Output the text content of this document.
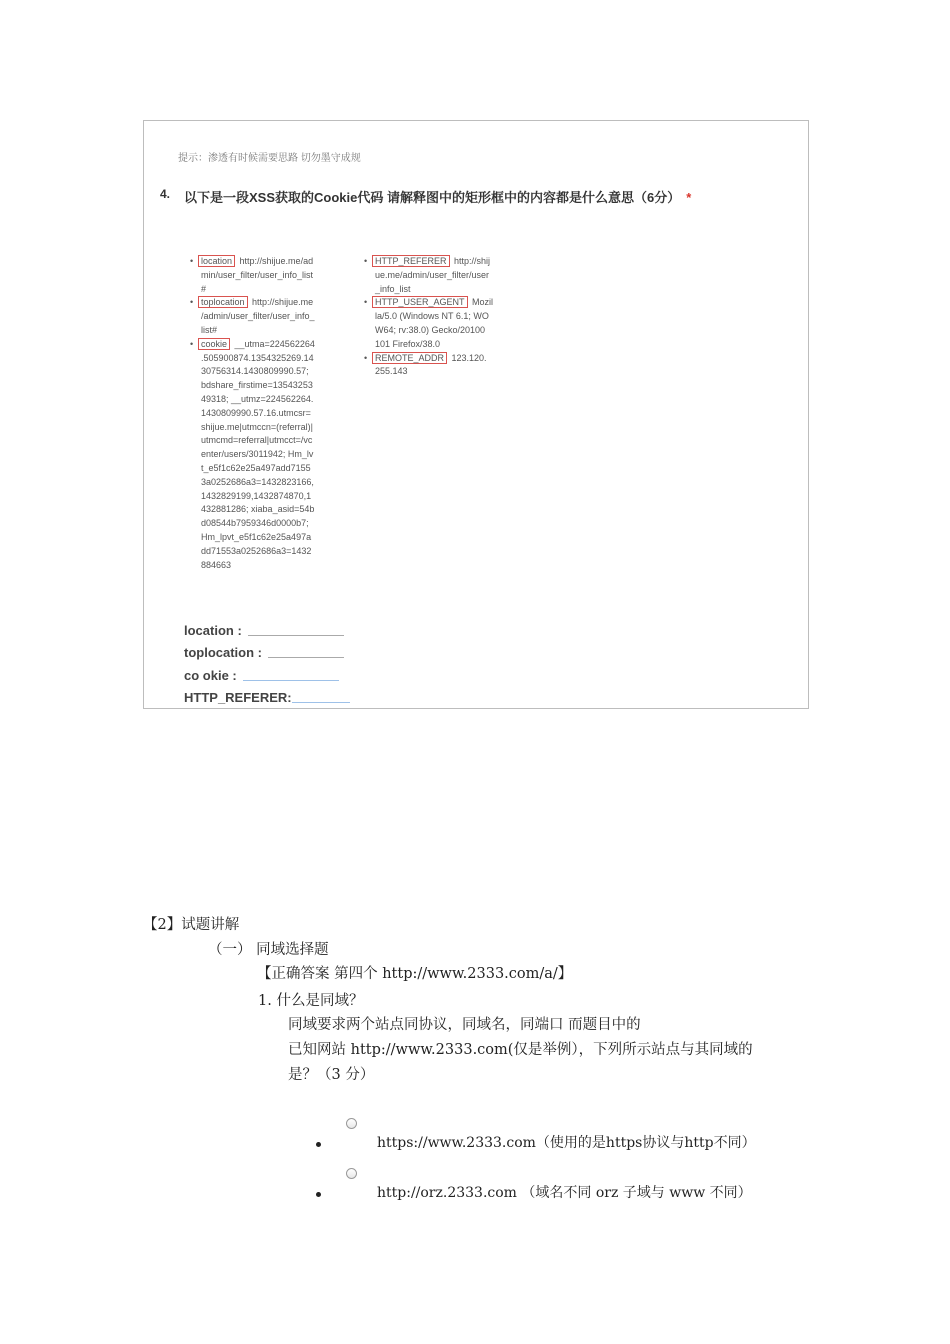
提示：渗透有时候需要思路 切勿墨守成规
4. 以下是一段XSS获取的Cookie代码 请解释图中的矩形框中的内容都是什么意思（6分） *
• location http://shijue.me/ad
min/user_filter/user_info_list
#
• toplocation http://shijue.me
/admin/user_filter/user_info_
list#
• cookie __utma=224562264
.505900874.1354325269.14
30756314.1430809990.57;
bdshare_firstime=13543253
49318; __utmz=224562264.
1430809990.57.16.utmcsr=
shijue.me|utmccn=(referral)|
utmcmd=referral|utmcct=/vc
enter/users/3011942; Hm_lv
t_e5f1c62e25a497add7155
3a0252686a3=1432823166,
1432829199,1432874870,1
432881286; xiaba_asid=54b
d08544b7959346d0000b7;
Hm_lpvt_e5f1c62e25a497a
dd71553a0252686a3=1432
884663
• HTTP_REFERER http://shij
ue.me/admin/user_filter/user
_info_list
• HTTP_USER_AGENT Mozil
la/5.0 (Windows NT 6.1; WO
W64; rv:38.0) Gecko/20100
101 Firefox/38.0
• REMOTE_ADDR 123.120.
255.143
location :
toplocation :
co okie :
HTTP_REFERER:
【2】试题讲解
（一） 同域选择题
【正确答案 第四个 http://www.2333.com/a/】
1. 什么是同域？
同域要求两个站点同协议，同域名，同端口 而题目中的
已知网站 http://www.2333.com(仅是举例），下列所示站点与其同域的
是？（3 分）
https://www.2333.com（使用的是https协议与http不同）
http://orz.2333.com （域名不同 orz 子域与 www 不同）
